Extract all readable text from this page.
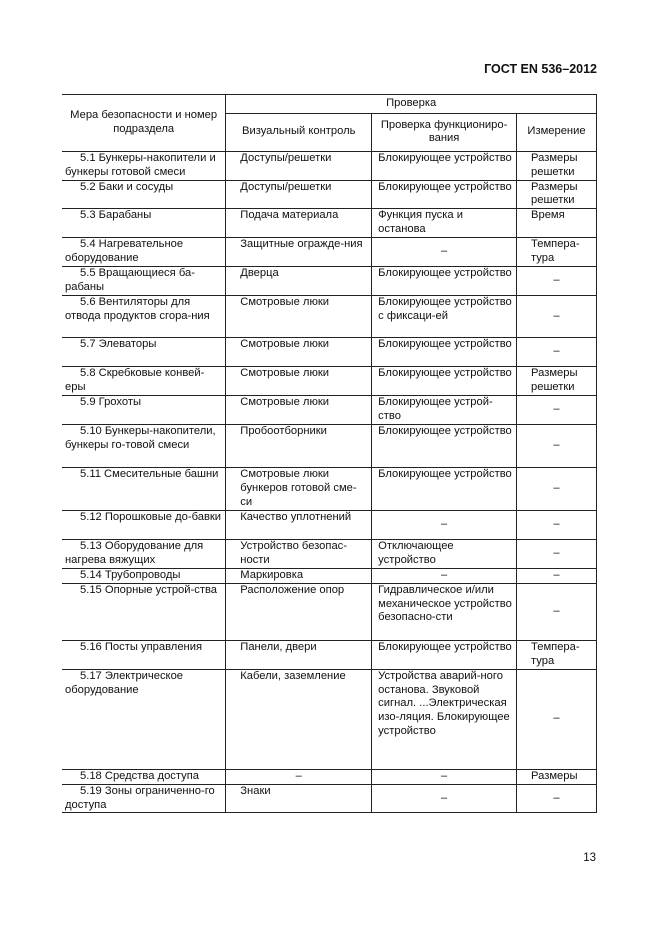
ГОСТ EN 536–2012
Мера безопасности и номер подраздела	Проверка		
	Визуальный контроль	Проверка функциониро-вания	Измерение
5.1 Бункеры-накопители и бункеры готовой смеси	Доступы/решетки	Блокирующее устройство	Размеры решетки
5.2 Баки и сосуды	Доступы/решетки	Блокирующее устройство	Размеры решетки
5.3 Барабаны	Подача материала	Функция пуска и останова	Время
5.4 Нагревательное оборудование	Защитные огражде-ния	–	Темпера-тура
5.5 Вращающиеся ба-рабаны	Дверца	Блокирующее устройство	–
5.6 Вентиляторы для отвода продуктов сгора-ния	Смотровые люки	Блокирующее устройство с фиксаци-ей	–
5.7 Элеваторы	Смотровые люки	Блокирующее устройство	–
5.8 Скребковые конвей-еры	Смотровые люки	Блокирующее устройство	Размеры решетки
5.9 Грохоты	Смотровые люки	Блокирующее устрой-ство	–
5.10 Бункеры-накопители, бункеры го-товой смеси	Пробоотборники	Блокирующее устройство	–
5.11 Смесительные башни	Смотровые люки бункеров готовой сме-си	Блокирующее устройство	–
5.12 Порошковые до-бавки	Качество уплотнений	–	–
5.13 Оборудование для нагрева вяжущих	Устройство безопас-ности	Отключающее устройство	–
5.14 Трубопроводы	Маркировка	–	–
5.15 Опорные устрой-ства	Расположение опор	Гидравлическое и/или механическое устройство безопасно-сти	–
5.16 Посты управления	Панели, двери	Блокирующее устройство	Темпера-тура
5.17 Электрическое оборудование	Кабели, заземление	Устройства аварий-ного останова. Звуковой сигнал. ...Электрическая изо-ляция. Блокирующее устройство	–
5.18 Средства доступа	–	–	Размеры
5.19 Зоны ограниченно-го доступа	Знаки	–	–
13
